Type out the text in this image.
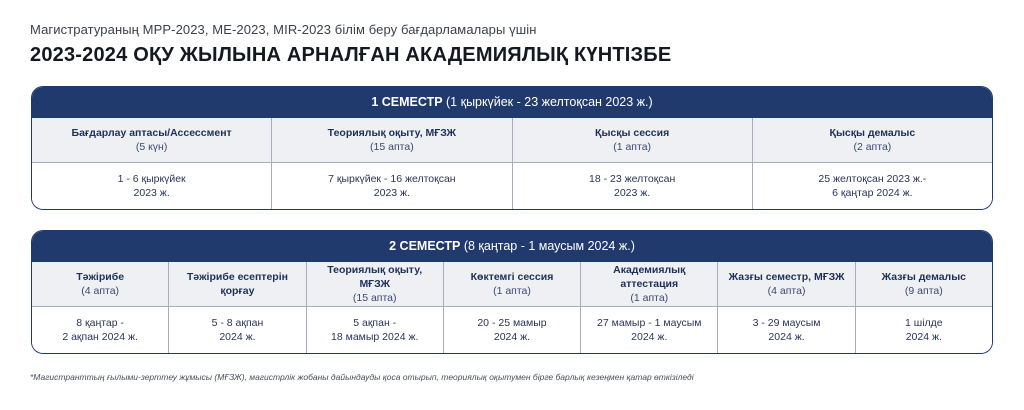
Магистратураның MPP-2023, ME-2023, MIR-2023 білім беру бағдарламалары үшін
2023-2024 ОҚУ ЖЫЛЫНА АРНАЛҒАН АКАДЕМИЯЛЫҚ КҮНТІЗБЕ
1 СЕМЕСТР (1 қыркүйек - 23 желтоқсан 2023 ж.)
Бағдарлау аптасы/Ассессмент
(5 күн)
Теориялық оқыту, МҒЗЖ
(15 апта)
Қысқы сессия
(1 апта)
Қысқы демалыс
(2 апта)
1 - 6 қыркүйек
2023 ж.
7 қыркүйек - 16 желтоқсан
2023 ж.
18 - 23 желтоқсан
2023 ж.
25 желтоқсан 2023 ж.-
6 қаңтар 2024 ж.
2 СЕМЕСТР (8 қаңтар - 1 маусым 2024 ж.)
Тәжірибе
(4 апта)
Тәжірибе есептерін
қорғау
Теориялық оқыту, МҒЗЖ
(15 апта)
Көктемгі сессия
(1 апта)
Академиялық аттестация
(1 апта)
Жазғы семестр, МҒЗЖ
(4 апта)
Жазғы демалыс
(9 апта)
8 қаңтар -
2 ақпан 2024 ж.
5 - 8 ақпан
2024 ж.
5 ақпан -
18 мамыр 2024 ж.
20 - 25 мамыр
2024 ж.
27 мамыр - 1 маусым
2024 ж.
3 - 29 маусым
2024 ж.
1 шілде
2024 ж.
*Магистранттың ғылыми-зерттеу жұмысы (МҒЗЖ), магистрлік жобаны дайындауды қоса отырып, теориялық оқытумен бірге барлық кезеңмен қатар өткізіледі
